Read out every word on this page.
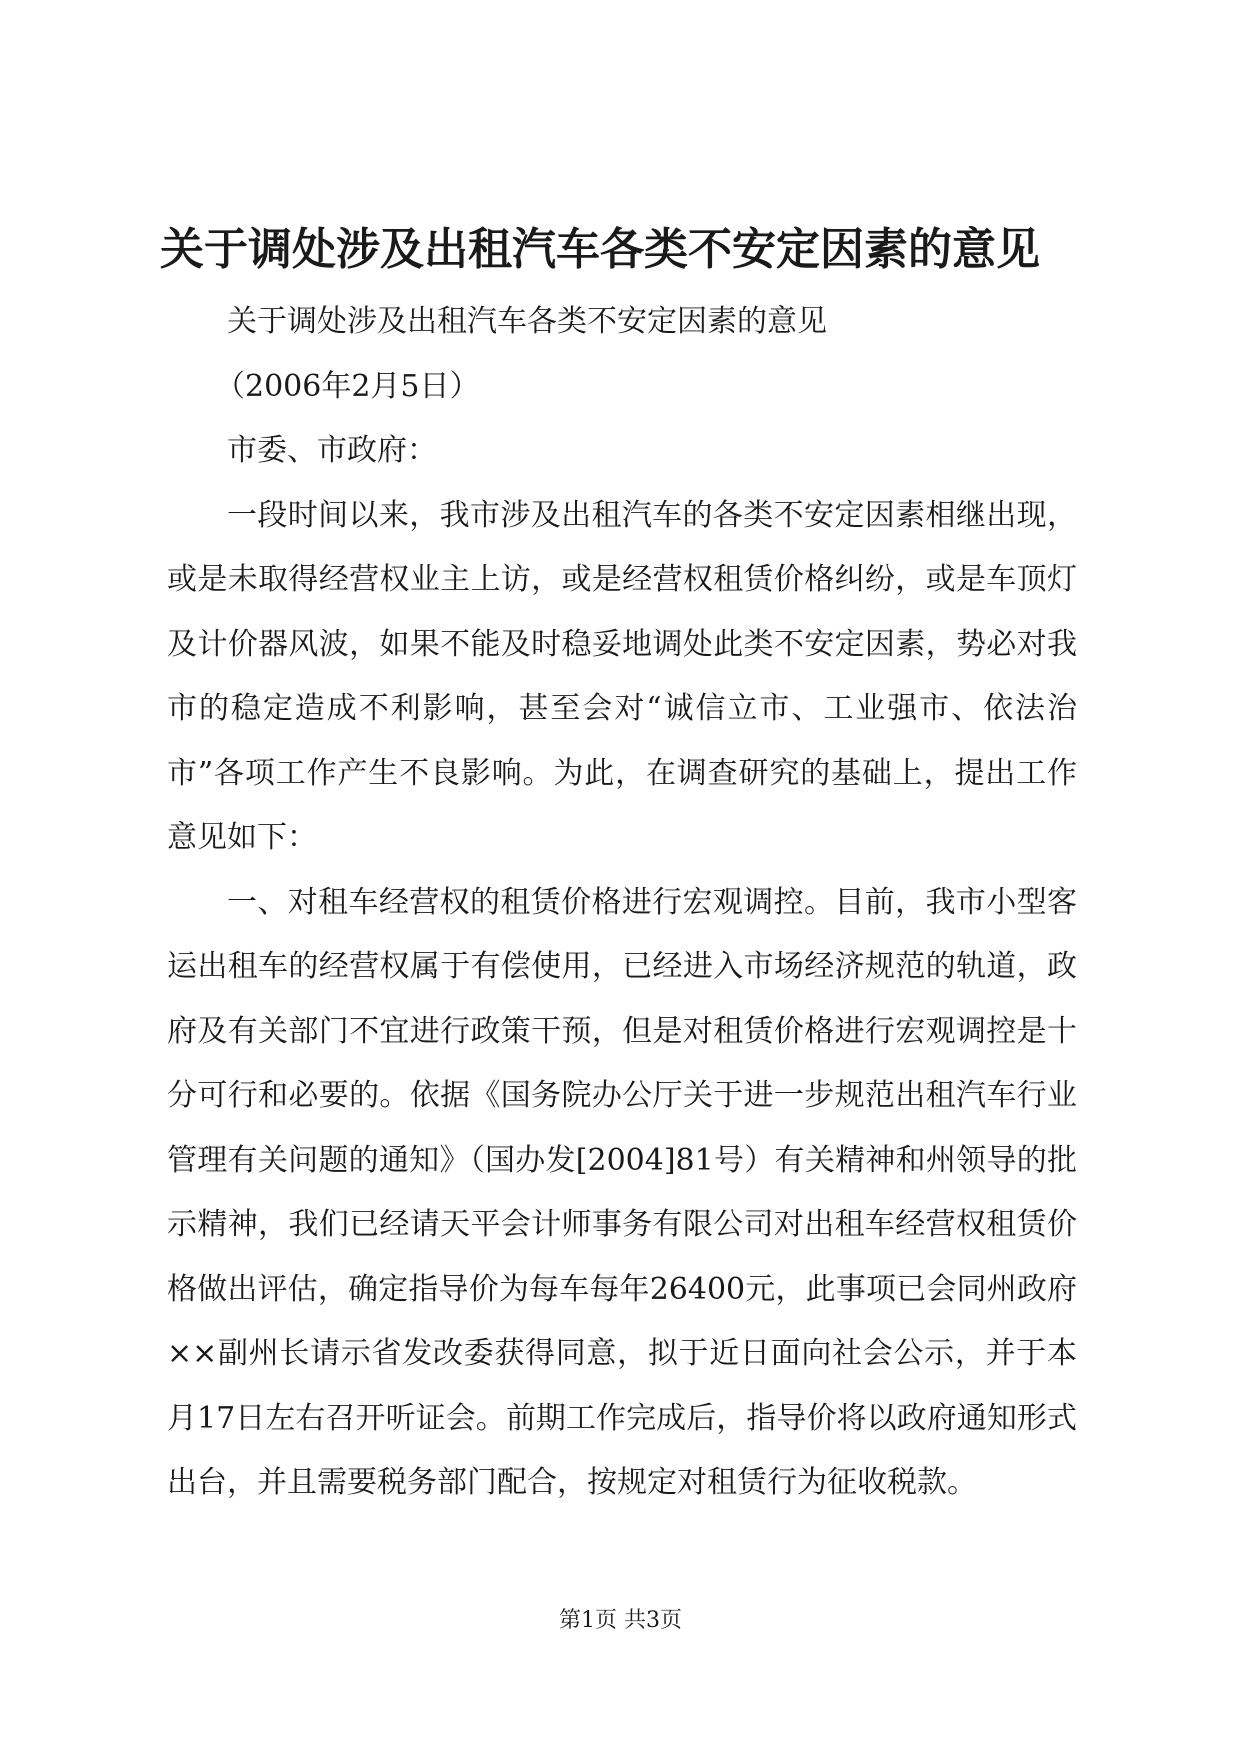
关于调处涉及出租汽车各类不安定因素的意见

关于调处涉及出租汽车各类不安定因素的意见

（2006年2月5日）

市委、市政府：

一段时间以来，我市涉及出租汽车的各类不安定因素相继出现，或是未取得经营权业主上访，或是经营权租赁价格纠纷，或是车顶灯及计价器风波，如果不能及时稳妥地调处此类不安定因素，势必对我市的稳定造成不利影响，甚至会对“诚信立市、工业强市、依法治市”各项工作产生不良影响。为此，在调查研究的基础上，提出工作意见如下：

一、对租车经营权的租赁价格进行宏观调控。目前，我市小型客运出租车的经营权属于有偿使用，已经进入市场经济规范的轨道，政府及有关部门不宜进行政策干预，但是对租赁价格进行宏观调控是十分可行和必要的。依据《国务院办公厅关于进一步规范出租汽车行业管理有关问题的通知》（国办发[2004]81号）有关精神和州领导的批示精神，我们已经请天平会计师事务有限公司对出租车经营权租赁价格做出评估，确定指导价为每车每年26400元，此事项已会同州政府××副州长请示省发改委获得同意，拟于近日面向社会公示，并于本月17日左右召开听证会。前期工作完成后，指导价将以政府通知形式出台，并且需要税务部门配合，按规定对租赁行为征收税款。

第1页 共3页
